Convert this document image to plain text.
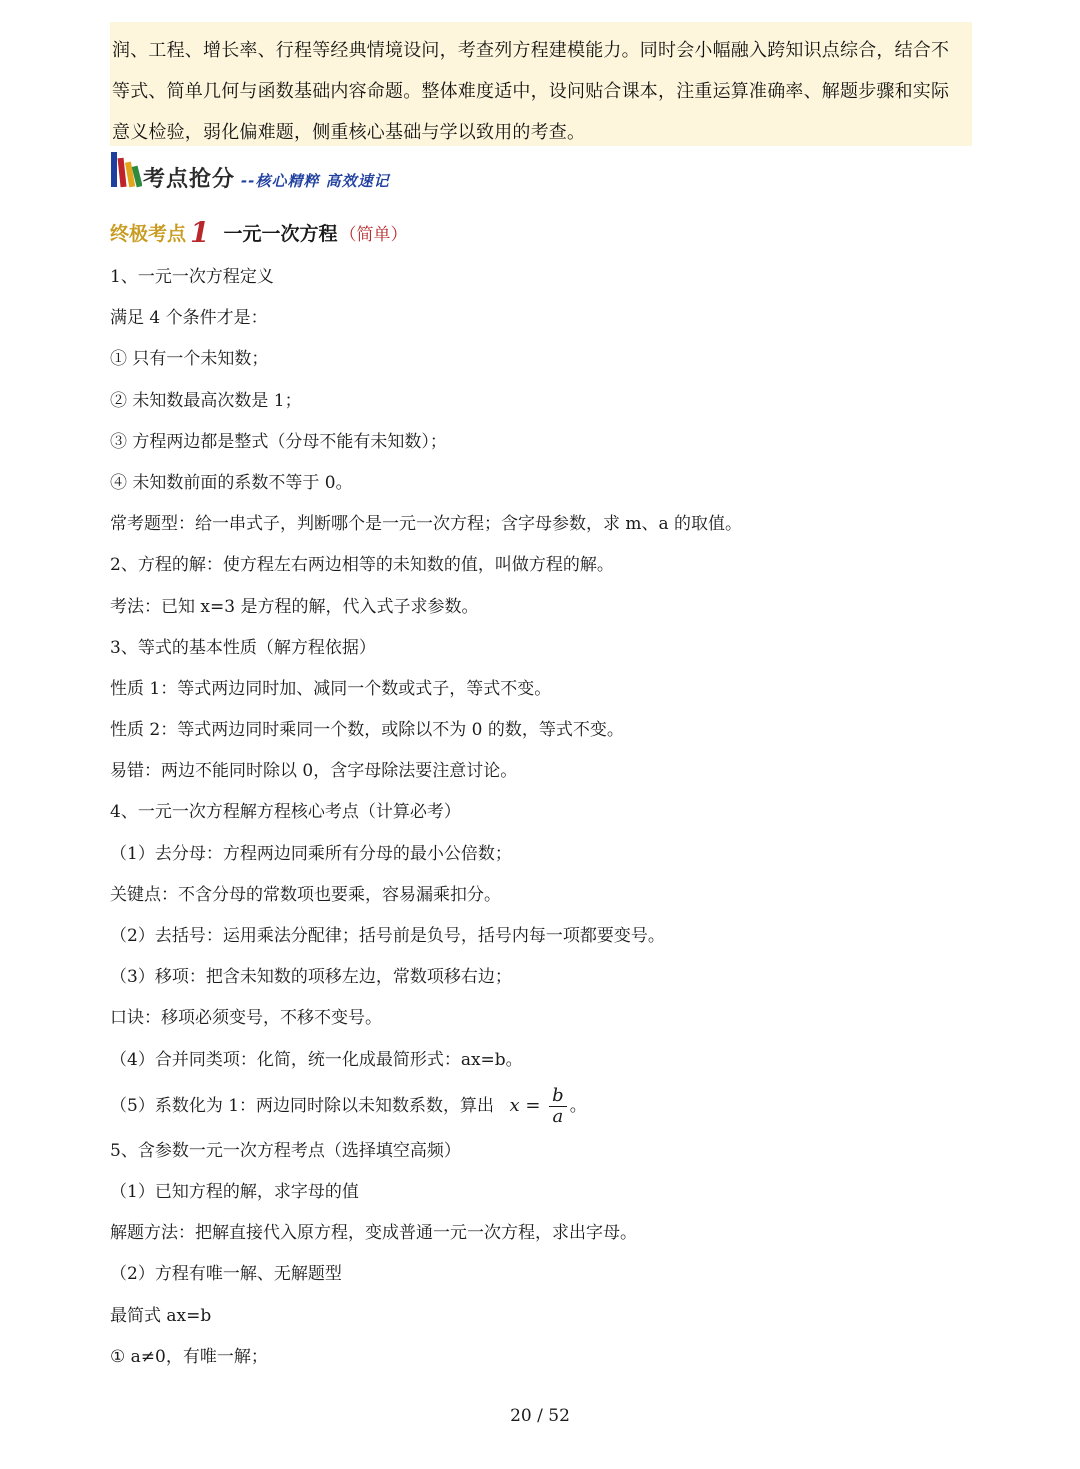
润、工程、增长率、行程等经典情境设问，考查列方程建模能力。同时会小幅融入跨知识点综合，结合不
等式、简单几何与函数基础内容命题。整体难度适中，设问贴合课本，注重运算准确率、解题步骤和实际
意义检验，弱化偏难题，侧重核心基础与学以致用的考查。
考点抢分 --核心精粹 高效速记
终极考点 1 一元一次方程 （简单）
1、一元一次方程定义
满足 4 个条件才是：
① 只有一个未知数；
② 未知数最高次数是 1；
③ 方程两边都是整式（分母不能有未知数）；
④ 未知数前面的系数不等于 0。
常考题型：给一串式子，判断哪个是一元一次方程；含字母参数，求 m、a 的取值。
2、方程的解：使方程左右两边相等的未知数的值，叫做方程的解。
考法：已知 x=3 是方程的解，代入式子求参数。
3、等式的基本性质（解方程依据）
性质 1：等式两边同时加、减同一个数或式子，等式不变。
性质 2：等式两边同时乘同一个数，或除以不为 0 的数，等式不变。
易错：两边不能同时除以 0，含字母除法要注意讨论。
4、一元一次方程解方程核心考点（计算必考）
（1）去分母：方程两边同乘所有分母的最小公倍数；
关键点：不含分母的常数项也要乘，容易漏乘扣分。
（2）去括号：运用乘法分配律；括号前是负号，括号内每一项都要变号。
（3）移项：把含未知数的项移左边，常数项移右边；
口诀：移项必须变号，不移不变号。
（4）合并同类项：化简，统一化成最简形式：ax=b。
（5）系数化为 1：两边同时除以未知数系数，算出 $x = \frac{b}{a}$ 。
5、含参数一元一次方程考点（选择填空高频）
（1）已知方程的解，求字母的值
解题方法：把解直接代入原方程，变成普通一元一次方程，求出字母。
（2）方程有唯一解、无解题型
最简式 ax=b
① a≠0，有唯一解；
20 / 52
